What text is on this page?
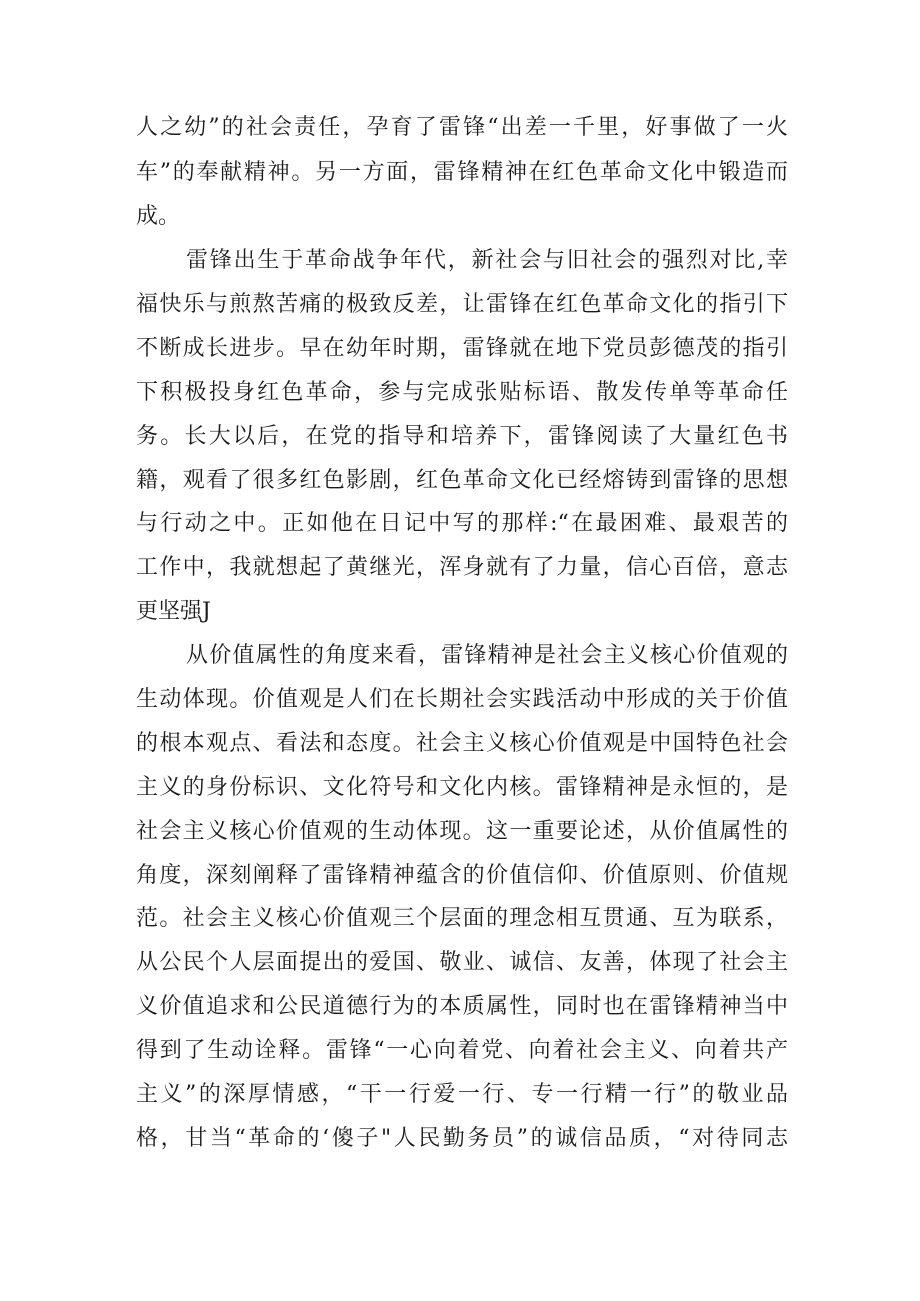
人之幼”的社会责任，孕育了雷锋“出差一千里，好事做了一火

车”的奉献精神。另一方面，雷锋精神在红色革命文化中锻造而

成。

雷锋出生于革命战争年代，新社会与旧社会的强烈对比,幸

福快乐与煎熬苦痛的极致反差，让雷锋在红色革命文化的指引下

不断成长进步。早在幼年时期，雷锋就在地下党员彭德茂的指引

下积极投身红色革命，参与完成张贴标语、散发传单等革命任

务。长大以后，在党的指导和培养下，雷锋阅读了大量红色书

籍，观看了很多红色影剧，红色革命文化已经熔铸到雷锋的思想

与行动之中。正如他在日记中写的那样:“在最困难、最艰苦的

工作中，我就想起了黄继光，浑身就有了力量，信心百倍，意志

更坚强J

从价值属性的角度来看，雷锋精神是社会主义核心价值观的

生动体现。价值观是人们在长期社会实践活动中形成的关于价值

的根本观点、看法和态度。社会主义核心价值观是中国特色社会

主义的身份标识、文化符号和文化内核。雷锋精神是永恒的，是

社会主义核心价值观的生动体现。这一重要论述，从价值属性的

角度，深刻阐释了雷锋精神蕴含的价值信仰、价值原则、价值规

范。社会主义核心价值观三个层面的理念相互贯通、互为联系，

从公民个人层面提出的爱国、敬业、诚信、友善，体现了社会主

义价值追求和公民道德行为的本质属性，同时也在雷锋精神当中

得到了生动诠释。雷锋“一心向着党、向着社会主义、向着共产

主义”的深厚情感，“干一行爱一行、专一行精一行”的敬业品

格，甘当“革命的‘傻子"人民勤务员”的诚信品质，“对待同志
